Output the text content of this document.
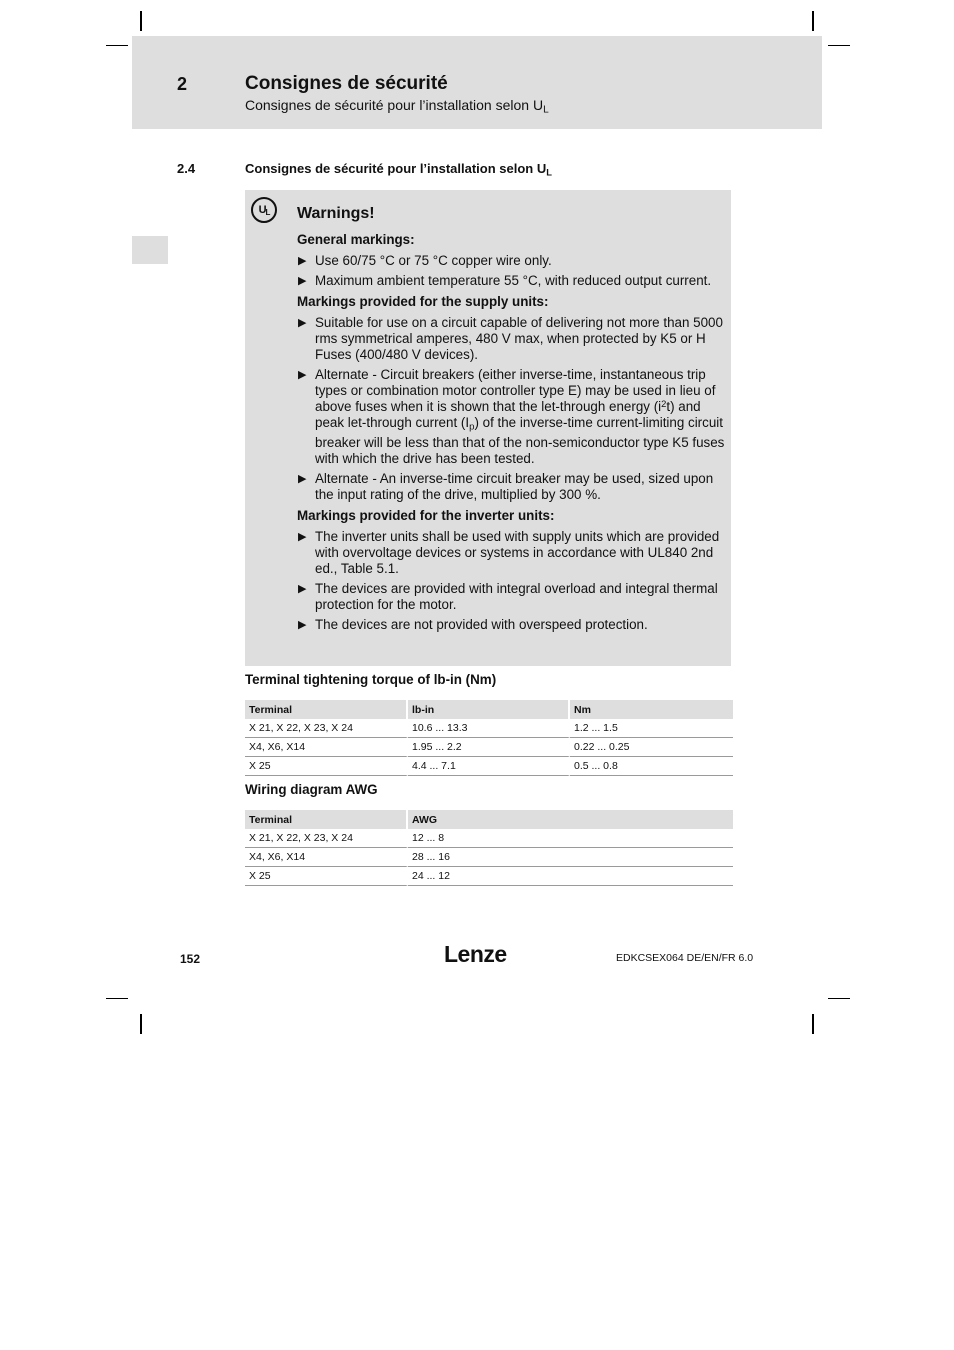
2	Consignes de sécurité
Consignes de sécurité pour l’installation selon $U_L$
2.4	Consignes de sécurité pour l’installation selon $U_L$
$U_L$	Warnings!
General markings:
▶ Use 60/75 °C or 75 °C copper wire only.
▶ Maximum ambient temperature 55 °C, with reduced output current.
Markings provided for the supply units:
▶ Suitable for use on a circuit capable of delivering not more than 5000 rms symmetrical amperes, 480 V max, when protected by K5 or H Fuses (400/480 V devices).
▶ Alternate - Circuit breakers (either inverse-time, instantaneous trip types or combination motor controller type E) may be used in lieu of above fuses when it is shown that the let-through energy $(i^2t)$ and peak let-through current $(I_p)$ of the inverse-time current-limiting circuit breaker will be less than that of the non-semiconductor type K5 fuses with which the drive has been tested.
▶ Alternate - An inverse-time circuit breaker may be used, sized upon the input rating of the drive, multiplied by 300 %.
Markings provided for the inverter units:
▶ The inverter units shall be used with supply units which are provided with overvoltage devices or systems in accordance with UL840 2nd ed., Table 5.1.
▶ The devices are provided with integral overload and integral thermal protection for the motor.
▶ The devices are not provided with overspeed protection.
Terminal tightening torque of lb-in (Nm)
Terminal	lb-in	Nm
X 21, X 22, X 23, X 24	10.6 ... 13.3	1.2 ... 1.5
X4, X6, X14	1.95 ... 2.2	0.22 ... 0.25
X 25	4.4 ... 7.1	0.5 ... 0.8
Wiring diagram AWG
Terminal	AWG
X 21, X 22, X 23, X 24	12 ... 8
X4, X6, X14	28 ... 16
X 25	24 ... 12
152	Lenze	EDKCSEX064 DE/EN/FR 6.0
